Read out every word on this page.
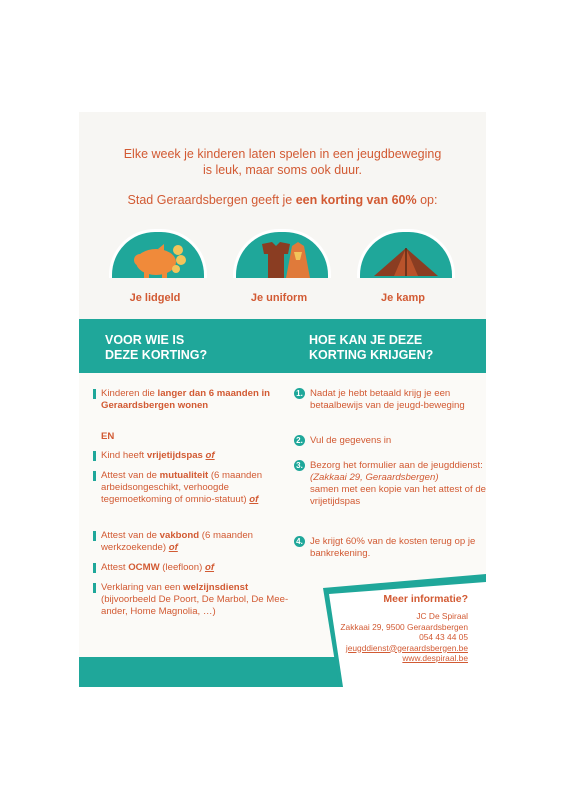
Elke week je kinderen laten spelen in een jeugdbeweging
is leuk, maar soms ook duur.
Stad Geraardsbergen geeft je een korting van 60% op:
Je lidgeld	Je uniform	Je kamp
VOOR WIE IS
DEZE KORTING?
HOE KAN JE DEZE
KORTING KRIJGEN?
Kinderen die langer dan 6 maanden in Geraardsbergen wonen
EN
Kind heeft vrijetijdspas of
Attest van de mutualiteit (6 maanden arbeidsongeschikt, verhoogde tegemoetkoming of omnio-statuut) of
Attest van de vakbond (6 maanden werkzoekende) of
Attest OCMW (leefloon) of
Verklaring van een welzijnsdienst (bijvoorbeeld De Poort, De Marbol, De Mee-ander, Home Magnolia, …)
1. Nadat je hebt betaald krijg je een betaalbewijs van de jeugd-beweging
2. Vul de gegevens in
3. Bezorg het formulier aan de jeugddienst:
(Zakkaai 29, Geraardsbergen)
samen met een kopie van het attest of de vrijetijdspas
4. Je krijgt 60% van de kosten terug op je bankrekening.
Meer informatie?
JC De Spiraal
Zakkaai 29, 9500 Geraardsbergen
054 43 44 05
jeugddienst@geraardsbergen.be
www.despiraal.be
